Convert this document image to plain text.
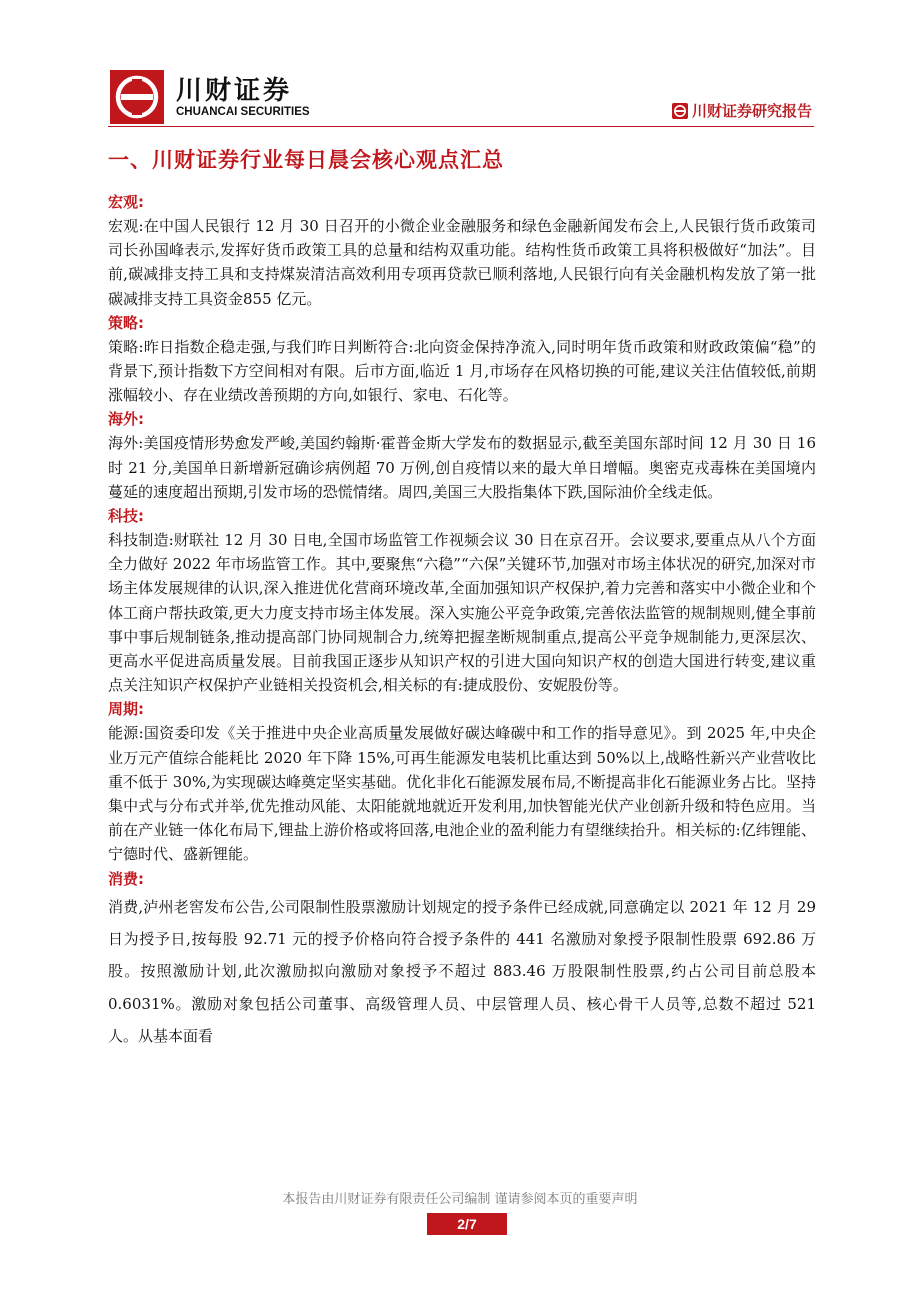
川财证券
CHUANCAI SECURITIES	川财证券研究报告
一、川财证券行业每日晨会核心观点汇总
宏观:
宏观:在中国人民银行 12 月 30 日召开的小微企业金融服务和绿色金融新闻发布会上,人民银行货币政策司司长孙国峰表示,发挥好货币政策工具的总量和结构双重功能。结构性货币政策工具将积极做好“加法”。目前,碳减排支持工具和支持煤炭清洁高效利用专项再贷款已顺利落地,人民银行向有关金融机构发放了第一批碳减排支持工具资金855 亿元。
策略:
策略:昨日指数企稳走强,与我们昨日判断符合:北向资金保持净流入,同时明年货币政策和财政政策偏“稳”的背景下,预计指数下方空间相对有限。后市方面,临近 1 月,市场存在风格切换的可能,建议关注估值较低,前期涨幅较小、存在业绩改善预期的方向,如银行、家电、石化等。
海外:
海外:美国疫情形势愈发严峻,美国约翰斯·霍普金斯大学发布的数据显示,截至美国东部时间 12 月 30 日 16 时 21 分,美国单日新增新冠确诊病例超 70 万例,创自疫情以来的最大单日增幅。奥密克戎毒株在美国境内蔓延的速度超出预期,引发市场的恐慌情绪。周四,美国三大股指集体下跌,国际油价全线走低。
科技:
科技制造:财联社 12 月 30 日电,全国市场监管工作视频会议 30 日在京召开。会议要求,要重点从八个方面全力做好 2022 年市场监管工作。其中,要聚焦“六稳”“六保”关键环节,加强对市场主体状况的研究,加深对市场主体发展规律的认识,深入推进优化营商环境改革,全面加强知识产权保护,着力完善和落实中小微企业和个体工商户帮扶政策,更大力度支持市场主体发展。深入实施公平竞争政策,完善依法监管的规制规则,健全事前事中事后规制链条,推动提高部门协同规制合力,统筹把握垄断规制重点,提高公平竞争规制能力,更深层次、更高水平促进高质量发展。目前我国正逐步从知识产权的引进大国向知识产权的创造大国进行转变,建议重点关注知识产权保护产业链相关投资机会,相关标的有:捷成股份、安妮股份等。
周期:
能源:国资委印发《关于推进中央企业高质量发展做好碳达峰碳中和工作的指导意见》。到 2025 年,中央企业万元产值综合能耗比 2020 年下降 15%,可再生能源发电装机比重达到 50%以上,战略性新兴产业营收比重不低于 30%,为实现碳达峰奠定坚实基础。优化非化石能源发展布局,不断提高非化石能源业务占比。坚持集中式与分布式并举,优先推动风能、太阳能就地就近开发利用,加快智能光伏产业创新升级和特色应用。当前在产业链一体化布局下,锂盐上游价格或将回落,电池企业的盈利能力有望继续抬升。相关标的:亿纬锂能、宁德时代、盛新锂能。
消费:
消费,泸州老窖发布公告,公司限制性股票激励计划规定的授予条件已经成就,同意确定以 2021 年 12 月 29 日为授予日,按每股 92.71 元的授予价格向符合授予条件的 441 名激励对象授予限制性股票 692.86 万股。按照激励计划,此次激励拟向激励对象授予不超过 883.46 万股限制性股票,约占公司目前总股本 0.6031%。激励对象包括公司董事、高级管理人员、中层管理人员、核心骨干人员等,总数不超过 521 人。从基本面看
本报告由川财证券有限责任公司编制 谨请参阅本页的重要声明
2/7
